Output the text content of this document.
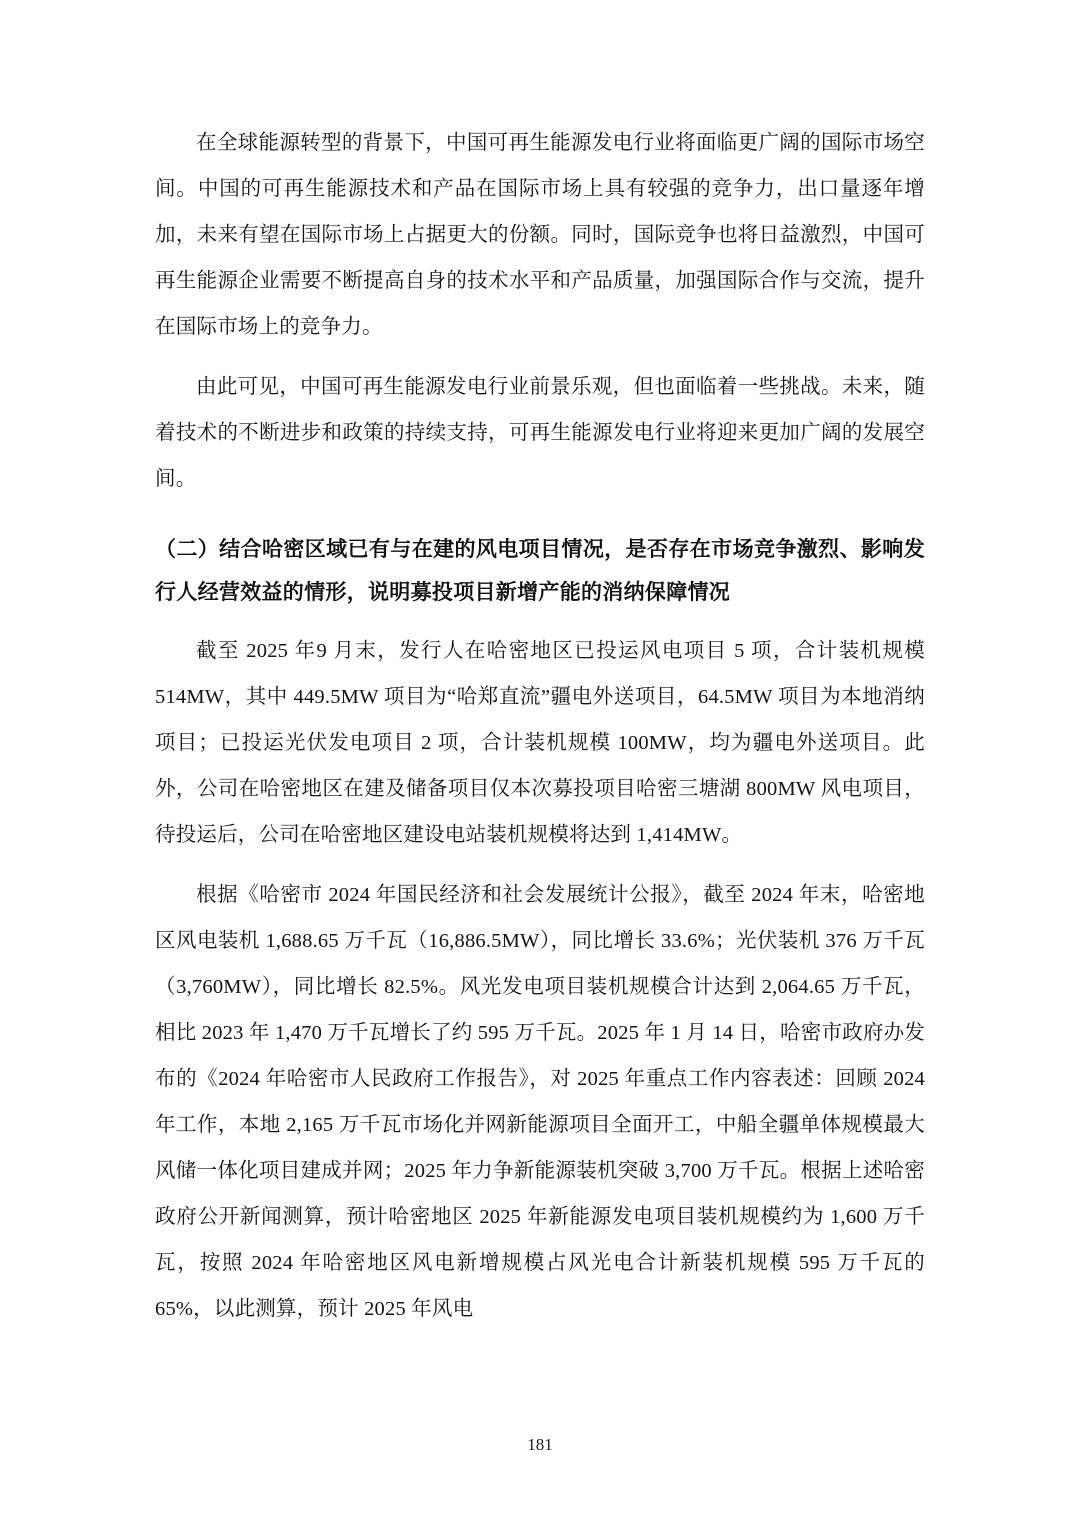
在全球能源转型的背景下，中国可再生能源发电行业将面临更广阔的国际市场空间。中国的可再生能源技术和产品在国际市场上具有较强的竞争力，出口量逐年增加，未来有望在国际市场上占据更大的份额。同时，国际竞争也将日益激烈，中国可再生能源企业需要不断提高自身的技术水平和产品质量，加强国际合作与交流，提升在国际市场上的竞争力。

由此可见，中国可再生能源发电行业前景乐观，但也面临着一些挑战。未来，随着技术的不断进步和政策的持续支持，可再生能源发电行业将迎来更加广阔的发展空间。

（二）结合哈密区域已有与在建的风电项目情况，是否存在市场竞争激烈、影响发行人经营效益的情形，说明募投项目新增产能的消纳保障情况

截至 2025 年9 月末，发行人在哈密地区已投运风电项目 5 项，合计装机规模 514MW，其中 449.5MW 项目为“哈郑直流”疆电外送项目，64.5MW 项目为本地消纳项目；已投运光伏发电项目 2 项，合计装机规模 100MW，均为疆电外送项目。此外，公司在哈密地区在建及储备项目仅本次募投项目哈密三塘湖 800MW 风电项目，待投运后，公司在哈密地区建设电站装机规模将达到 1,414MW。

根据《哈密市 2024 年国民经济和社会发展统计公报》，截至 2024 年末，哈密地区风电装机 1,688.65 万千瓦（16,886.5MW），同比增长 33.6%；光伏装机 376 万千瓦（3,760MW），同比增长 82.5%。风光发电项目装机规模合计达到 2,064.65 万千瓦，相比 2023 年 1,470 万千瓦增长了约 595 万千瓦。2025 年 1 月 14 日，哈密市政府办发布的《2024 年哈密市人民政府工作报告》，对 2025 年重点工作内容表述：回顾 2024 年工作，本地 2,165 万千瓦市场化并网新能源项目全面开工，中船全疆单体规模最大风储一体化项目建成并网；2025 年力争新能源装机突破 3,700 万千瓦。根据上述哈密政府公开新闻测算，预计哈密地区 2025 年新能源发电项目装机规模约为 1,600 万千瓦，按照 2024 年哈密地区风电新增规模占风光电合计新装机规模 595 万千瓦的 65%，以此测算，预计 2025 年风电

181
